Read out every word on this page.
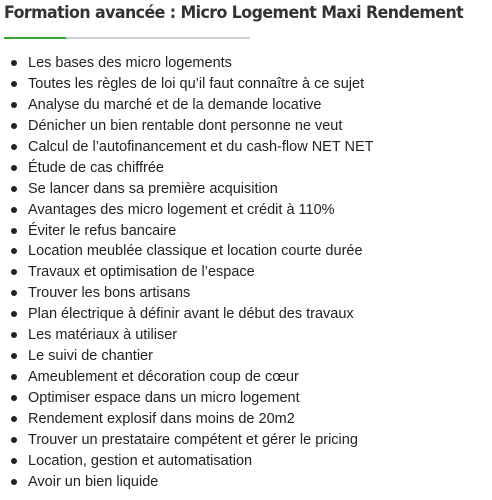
Formation avancée : Micro Logement Maxi Rendement
Les bases des micro logements
Toutes les règles de loi qu’il faut connaître à ce sujet
Analyse du marché et de la demande locative
Dénicher un bien rentable dont personne ne veut
Calcul de l’autofinancement et du cash-flow NET NET
Étude de cas chiffrée
Se lancer dans sa première acquisition
Avantages des micro logement et crédit à 110%
Éviter le refus bancaire
Location meublée classique et location courte durée
Travaux et optimisation de l’espace
Trouver les bons artisans
Plan électrique à définir avant le début des travaux
Les matériaux à utiliser
Le suivi de chantier
Ameublement et décoration coup de cœur
Optimiser espace dans un micro logement
Rendement explosif dans moins de 20m2
Trouver un prestataire compétent et gérer le pricing
Location, gestion et automatisation
Avoir un bien liquide
